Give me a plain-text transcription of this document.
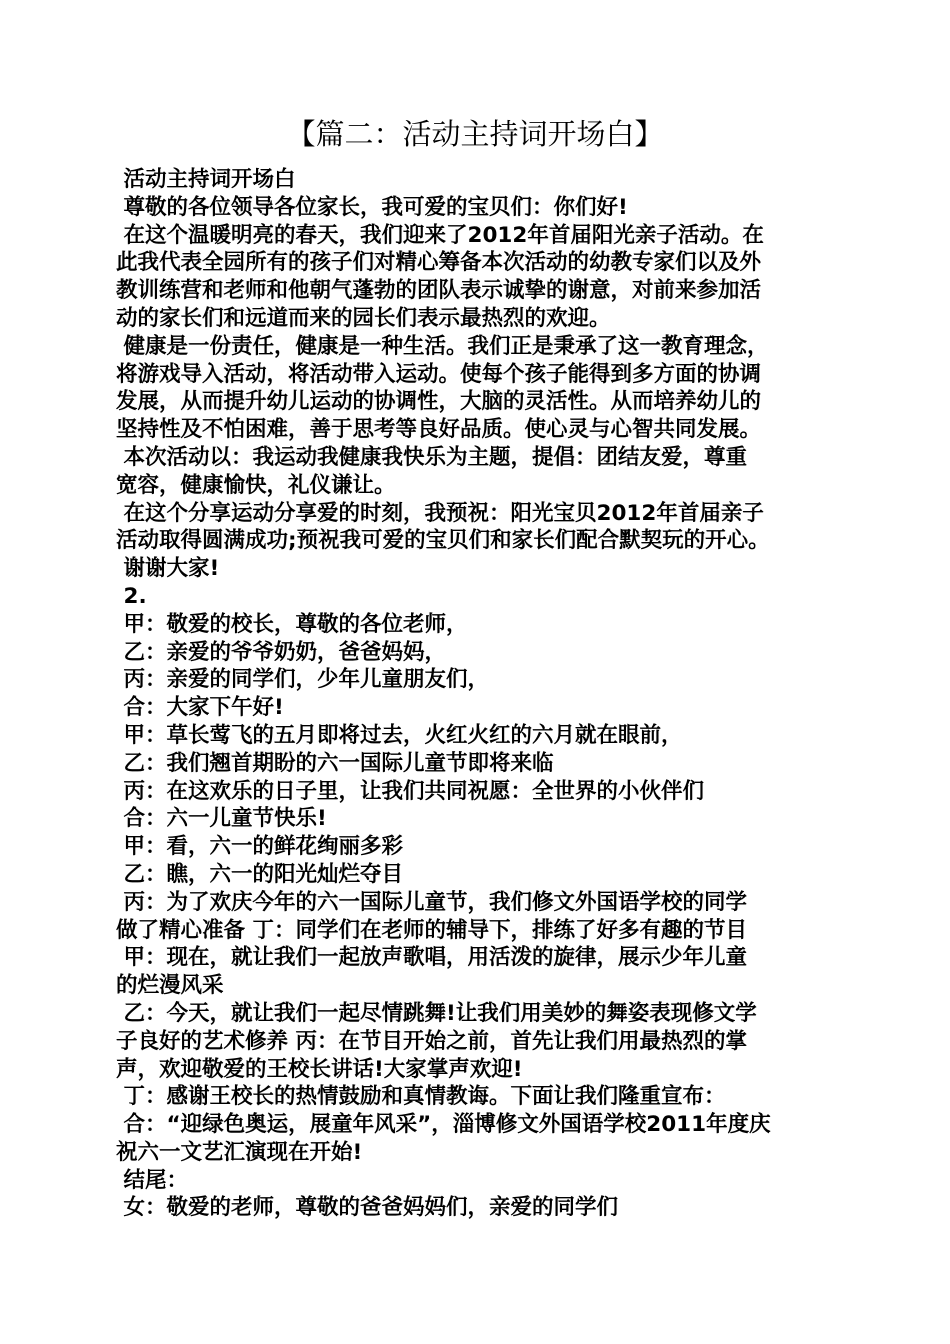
【篇二：活动主持词开场白】

活动主持词开场白

尊敬的各位领导各位家长，我可爱的宝贝们：你们好!

在这个温暖明亮的春天，我们迎来了2012年首届阳光亲子活动。在

此我代表全园所有的孩子们对精心筹备本次活动的幼教专家们以及外

教训练营和老师和他朝气蓬勃的团队表示诚挚的谢意，对前来参加活

动的家长们和远道而来的园长们表示最热烈的欢迎。

健康是一份责任，健康是一种生活。我们正是秉承了这一教育理念，

将游戏导入活动，将活动带入运动。使每个孩子能得到多方面的协调

发展，从而提升幼儿运动的协调性，大脑的灵活性。从而培养幼儿的

坚持性及不怕困难，善于思考等良好品质。使心灵与心智共同发展。

本次活动以：我运动我健康我快乐为主题，提倡：团结友爱，尊重

宽容，健康愉快，礼仪谦让。

在这个分享运动分享爱的时刻，我预祝：阳光宝贝2012年首届亲子

活动取得圆满成功;预祝我可爱的宝贝们和家长们配合默契玩的开心。

谢谢大家!

2.

甲：敬爱的校长，尊敬的各位老师，

乙：亲爱的爷爷奶奶，爸爸妈妈，

丙：亲爱的同学们，少年儿童朋友们，

合：大家下午好!

甲：草长莺飞的五月即将过去，火红火红的六月就在眼前，

乙：我们翘首期盼的六一国际儿童节即将来临

丙：在这欢乐的日子里，让我们共同祝愿：全世界的小伙伴们

合：六一儿童节快乐!

甲：看，六一的鲜花绚丽多彩

乙：瞧，六一的阳光灿烂夺目

丙：为了欢庆今年的六一国际儿童节，我们修文外国语学校的同学

做了精心准备 丁：同学们在老师的辅导下，排练了好多有趣的节目

甲：现在，就让我们一起放声歌唱，用活泼的旋律，展示少年儿童

的烂漫风采

乙：今天，就让我们一起尽情跳舞!让我们用美妙的舞姿表现修文学

子良好的艺术修养 丙：在节目开始之前，首先让我们用最热烈的掌

声，欢迎敬爱的王校长讲话!大家掌声欢迎!

丁：感谢王校长的热情鼓励和真情教诲。下面让我们隆重宣布：

合：“迎绿色奥运，展童年风采”，淄博修文外国语学校2011年度庆

祝六一文艺汇演现在开始!

结尾：

女：敬爱的老师，尊敬的爸爸妈妈们，亲爱的同学们
